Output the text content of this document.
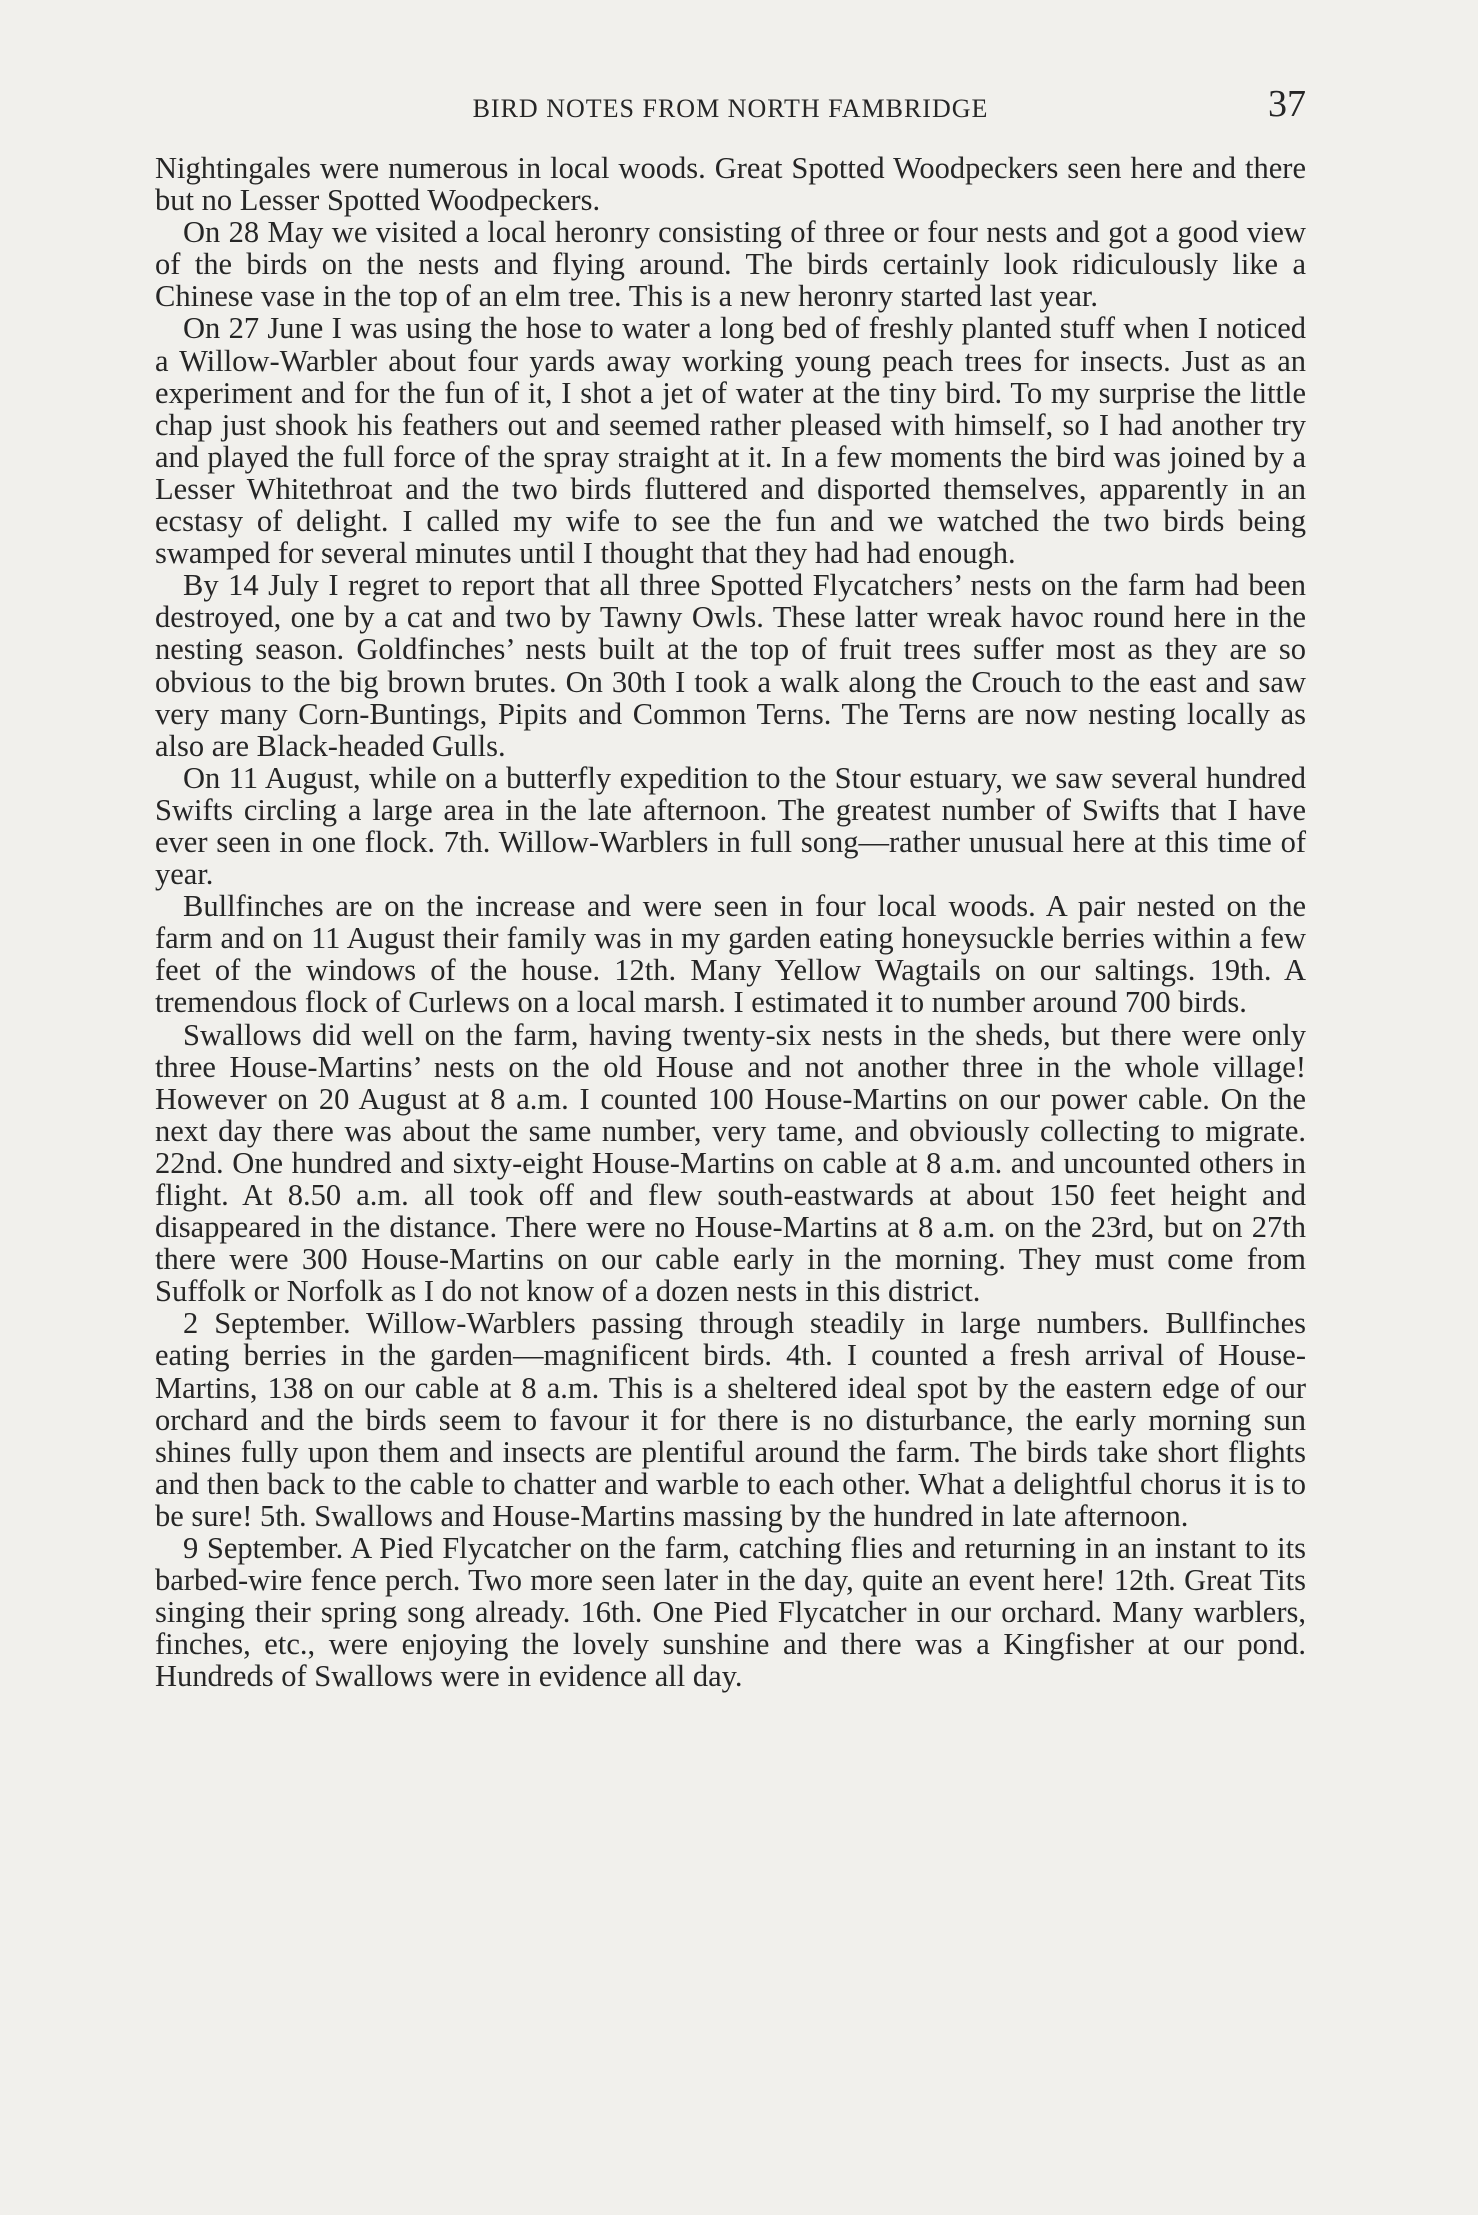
BIRD NOTES FROM NORTH FAMBRIDGE	37

Nightingales were numerous in local woods. Great Spotted Woodpeckers seen here and there but no Lesser Spotted Woodpeckers.

On 28 May we visited a local heronry consisting of three or four nests and got a good view of the birds on the nests and flying around. The birds certainly look ridiculously like a Chinese vase in the top of an elm tree. This is a new heronry started last year.

On 27 June I was using the hose to water a long bed of freshly planted stuff when I noticed a Willow-Warbler about four yards away working young peach trees for insects. Just as an experiment and for the fun of it, I shot a jet of water at the tiny bird. To my surprise the little chap just shook his feathers out and seemed rather pleased with himself, so I had another try and played the full force of the spray straight at it. In a few moments the bird was joined by a Lesser Whitethroat and the two birds fluttered and disported themselves, apparently in an ecstasy of delight. I called my wife to see the fun and we watched the two birds being swamped for several minutes until I thought that they had had enough.

By 14 July I regret to report that all three Spotted Flycatchers’ nests on the farm had been destroyed, one by a cat and two by Tawny Owls. These latter wreak havoc round here in the nesting season. Goldfinches’ nests built at the top of fruit trees suffer most as they are so obvious to the big brown brutes. On 30th I took a walk along the Crouch to the east and saw very many Corn-Buntings, Pipits and Common Terns. The Terns are now nesting locally as also are Black-headed Gulls.

On 11 August, while on a butterfly expedition to the Stour estuary, we saw several hundred Swifts circling a large area in the late afternoon. The greatest number of Swifts that I have ever seen in one flock. 7th. Willow-Warblers in full song—rather unusual here at this time of year.

Bullfinches are on the increase and were seen in four local woods. A pair nested on the farm and on 11 August their family was in my garden eating honeysuckle berries within a few feet of the windows of the house. 12th. Many Yellow Wagtails on our saltings. 19th. A tremendous flock of Curlews on a local marsh. I estimated it to number around 700 birds.

Swallows did well on the farm, having twenty-six nests in the sheds, but there were only three House-Martins’ nests on the old House and not another three in the whole village! However on 20 August at 8 a.m. I counted 100 House-Martins on our power cable. On the next day there was about the same number, very tame, and obviously collecting to migrate. 22nd. One hundred and sixty-eight House-Martins on cable at 8 a.m. and uncounted others in flight. At 8.50 a.m. all took off and flew south-eastwards at about 150 feet height and disappeared in the distance. There were no House-Martins at 8 a.m. on the 23rd, but on 27th there were 300 House-Martins on our cable early in the morning. They must come from Suffolk or Norfolk as I do not know of a dozen nests in this district.

2 September. Willow-Warblers passing through steadily in large numbers. Bullfinches eating berries in the garden—magnificent birds. 4th. I counted a fresh arrival of House-Martins, 138 on our cable at 8 a.m. This is a sheltered ideal spot by the eastern edge of our orchard and the birds seem to favour it for there is no disturbance, the early morning sun shines fully upon them and insects are plentiful around the farm. The birds take short flights and then back to the cable to chatter and warble to each other. What a delightful chorus it is to be sure! 5th. Swallows and House-Martins massing by the hundred in late afternoon.

9 September. A Pied Flycatcher on the farm, catching flies and returning in an instant to its barbed-wire fence perch. Two more seen later in the day, quite an event here! 12th. Great Tits singing their spring song already. 16th. One Pied Flycatcher in our orchard. Many warblers, finches, etc., were enjoying the lovely sunshine and there was a Kingfisher at our pond. Hundreds of Swallows were in evidence all day.
